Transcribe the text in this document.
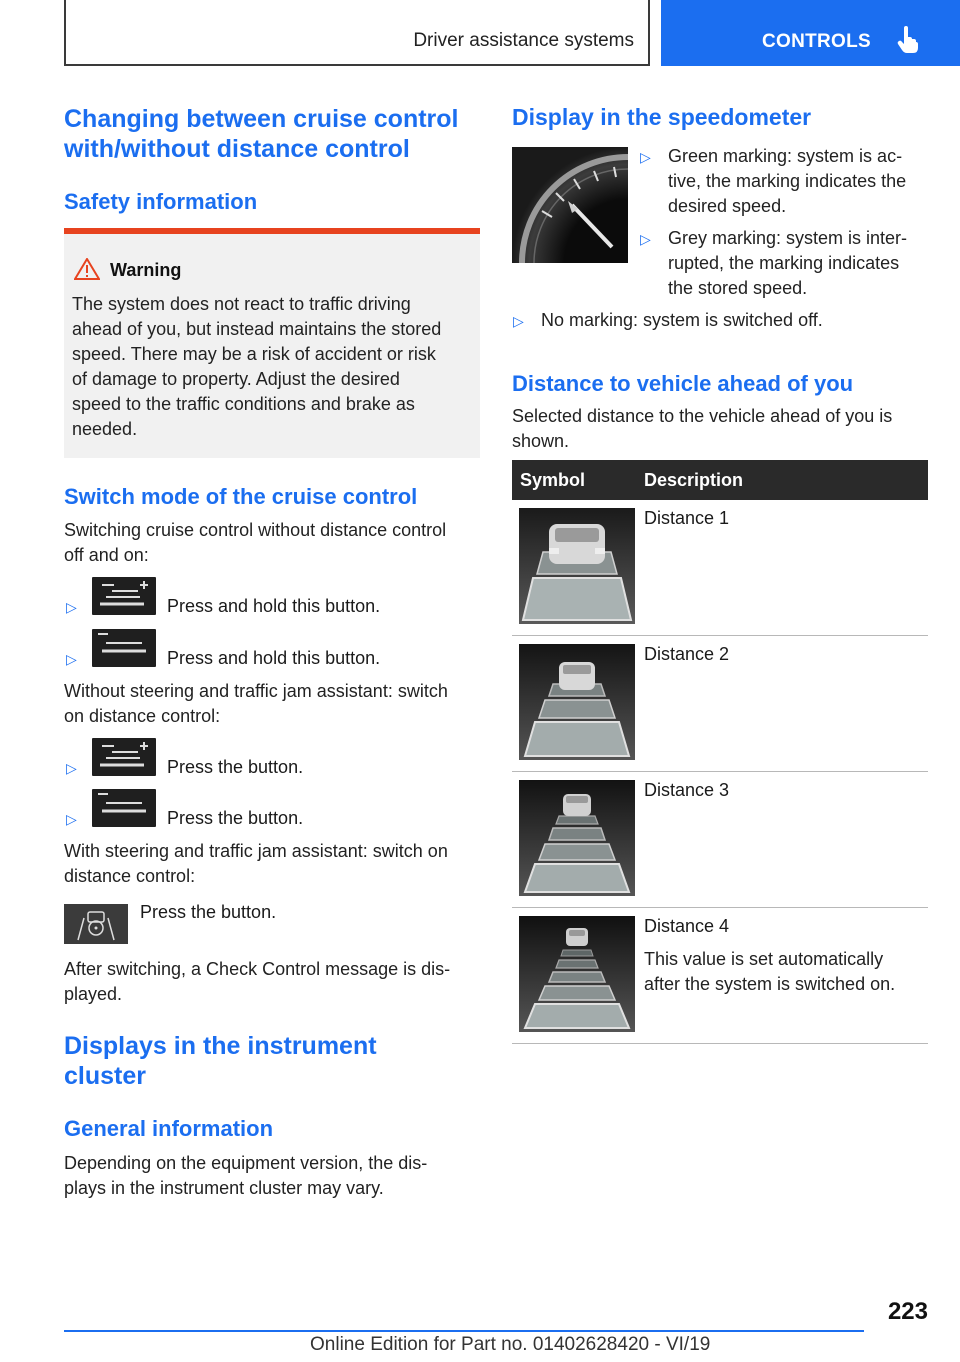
Driver assistance systems	CONTROLS
Changing between cruise control
with/without distance control
Safety information
Warning

The system does not react to traffic driving

ahead of you, but instead maintains the stored

speed. There may be a risk of accident or risk

of damage to property. Adjust the desired

speed to the traffic conditions and brake as

needed.

Switch mode of the cruise control

Switching cruise control without distance control

off and on:

▷	Press and hold this button.
▷	Press and hold this button.

Without steering and traffic jam assistant: switch

on distance control:

▷	Press the button.
▷	Press the button.

With steering and traffic jam assistant: switch on

distance control:

Press the button.

After switching, a Check Control message is dis-

played.

Displays in the instrument
cluster
General information

Depending on the equipment version, the dis-

plays in the instrument cluster may vary.

Display in the speedometer
▷ Green marking: system is ac-

tive, the marking indicates the

desired speed.

▷ Grey marking: system is inter-

rupted, the marking indicates

the stored speed.

▷ No marking: system is switched off.

Distance to vehicle ahead of you

Selected distance to the vehicle ahead of you is

shown.

Symbol	Description
Distance 1
Distance 2
Distance 3
Distance 4

This value is set automatically

after the system is switched on.

223
Online Edition for Part no. 01402628420 - VI/19
